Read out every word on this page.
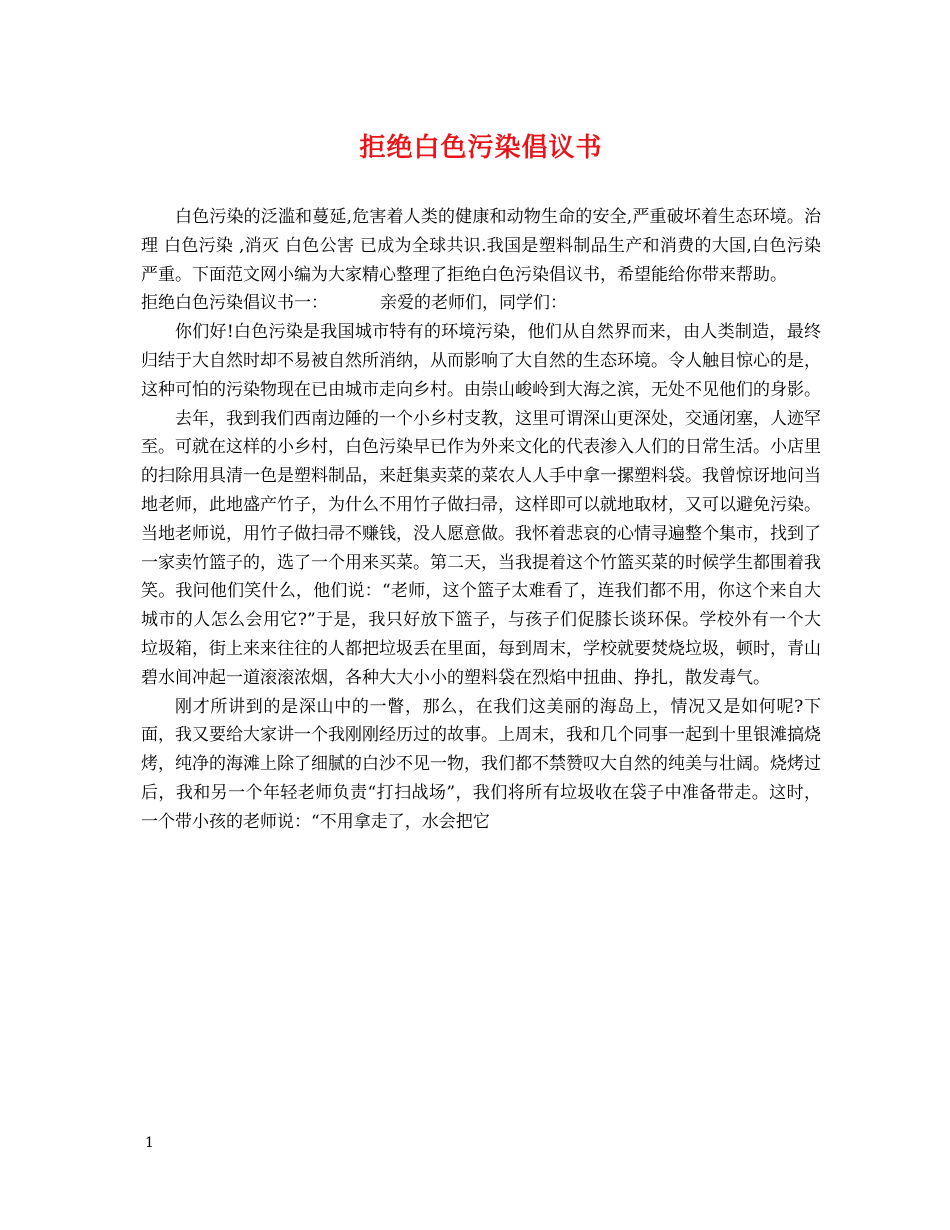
拒绝白色污染倡议书

白色污染的泛滥和蔓延,危害着人类的健康和动物生命的安全,严重破坏着生态环境。治理 白色污染 ,消灭 白色公害 已成为全球共识.我国是塑料制品生产和消费的大国,白色污染严重。下面范文网小编为大家精心整理了拒绝白色污染倡议书，希望能给你带来帮助。

拒绝白色污染倡议书一：	亲爱的老师们，同学们：

你们好!白色污染是我国城市特有的环境污染，他们从自然界而来，由人类制造，最终归结于大自然时却不易被自然所消纳，从而影响了大自然的生态环境。令人触目惊心的是，这种可怕的污染物现在已由城市走向乡村。由崇山峻岭到大海之滨，无处不见他们的身影。

去年，我到我们西南边陲的一个小乡村支教，这里可谓深山更深处，交通闭塞，人迹罕至。可就在这样的小乡村，白色污染早已作为外来文化的代表渗入人们的日常生活。小店里的扫除用具清一色是塑料制品，来赶集卖菜的菜农人人手中拿一摞塑料袋。我曾惊讶地问当地老师，此地盛产竹子，为什么不用竹子做扫帚，这样即可以就地取材，又可以避免污染。当地老师说，用竹子做扫帚不赚钱，没人愿意做。我怀着悲哀的心情寻遍整个集市，找到了一家卖竹篮子的，选了一个用来买菜。第二天，当我提着这个竹篮买菜的时候学生都围着我笑。我问他们笑什么，他们说：“老师，这个篮子太难看了，连我们都不用，你这个来自大城市的人怎么会用它?”于是，我只好放下篮子，与孩子们促膝长谈环保。学校外有一个大垃圾箱，街上来来往往的人都把垃圾丢在里面，每到周末，学校就要焚烧垃圾，顿时，青山碧水间冲起一道滚滚浓烟，各种大大小小的塑料袋在烈焰中扭曲、挣扎，散发毒气。

刚才所讲到的是深山中的一瞥，那么，在我们这美丽的海岛上，情况又是如何呢?下面，我又要给大家讲一个我刚刚经历过的故事。上周末，我和几个同事一起到十里银滩搞烧烤，纯净的海滩上除了细腻的白沙不见一物，我们都不禁赞叹大自然的纯美与壮阔。烧烤过后，我和另一个年轻老师负责“打扫战场”，我们将所有垃圾收在袋子中准备带走。这时，一个带小孩的老师说：“不用拿走了，水会把它

1
